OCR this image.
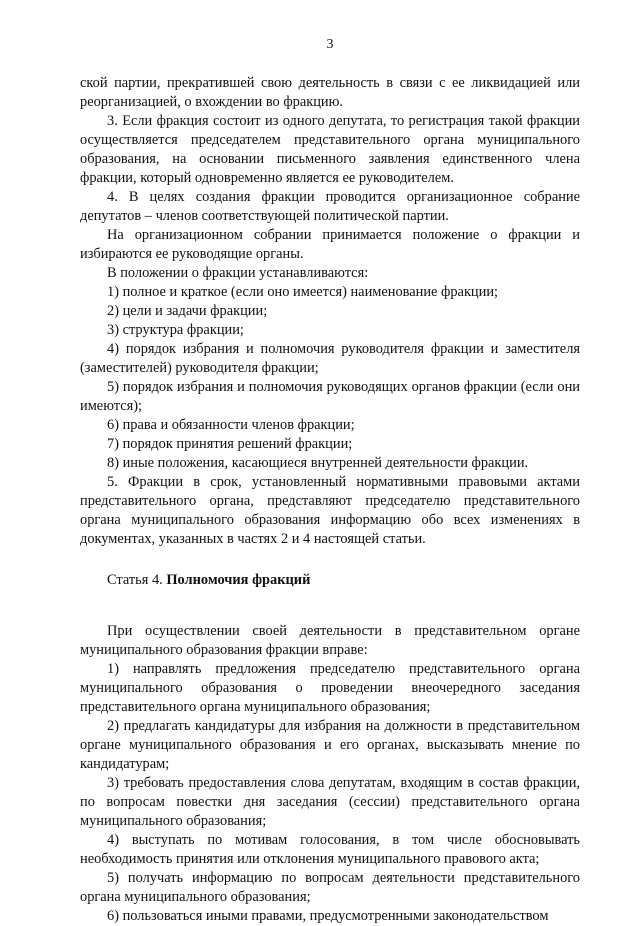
3

ской партии, прекратившей свою деятельность в связи с ее ликвидацией или реорганизацией, о вхождении во фракцию.

3. Если фракция состоит из одного депутата, то регистрация такой фракции осуществляется председателем представительного органа муниципального образования, на основании письменного заявления единственного члена фракции, который одновременно является ее руководителем.

4. В целях создания фракции проводится организационное собрание депутатов – членов соответствующей политической партии.

На организационном собрании принимается положение о фракции и избираются ее руководящие органы.

В положении о фракции устанавливаются:

1) полное и краткое (если оно имеется) наименование фракции;

2) цели и задачи фракции;

3) структура фракции;

4) порядок избрания и полномочия руководителя фракции и заместителя (заместителей) руководителя фракции;

5) порядок избрания и полномочия руководящих органов фракции (если они имеются);

6) права и обязанности членов фракции;

7) порядок принятия решений фракции;

8) иные положения, касающиеся внутренней деятельности фракции.

5. Фракции в срок, установленный нормативными правовыми актами представительного органа, представляют председателю представительного органа муниципального образования информацию обо всех изменениях в документах, указанных в частях 2 и 4 настоящей статьи.

Статья 4. Полномочия фракций

При осуществлении своей деятельности в представительном органе муниципального образования фракции вправе:

1) направлять предложения председателю представительного органа муниципального образования о проведении внеочередного заседания представительного органа муниципального образования;

2) предлагать кандидатуры для избрания на должности в представительном органе муниципального образования и его органах, высказывать мнение по кандидатурам;

3) требовать предоставления слова депутатам, входящим в состав фракции, по вопросам повестки дня заседания (сессии) представительного органа муниципального образования;

4) выступать по мотивам голосования, в том числе обосновывать необходимость принятия или отклонения муниципального правового акта;

5) получать информацию по вопросам деятельности представительного органа муниципального образования;

6) пользоваться иными правами, предусмотренными законодательством
